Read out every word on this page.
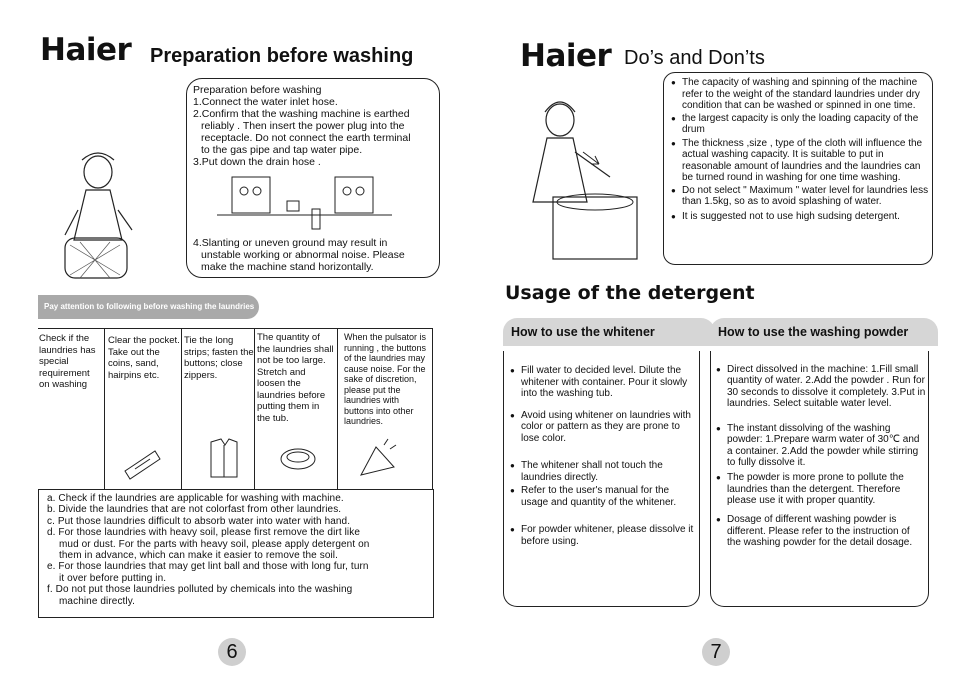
Haier Preparation before washing
Preparation before washing
1.Connect the water inlet hose.
2.Confirm that the washing machine is earthed
reliably . Then insert the power plug into the
receptacle. Do not connect the earth terminal
to the gas pipe and tap water pipe.
3.Put down the drain hose .
4.Slanting or uneven ground may result in
unstable working or abnormal noise. Please
make the machine stand horizontally.
Pay attention to following before washing the laundries
Check if the laundries has special requirement on washing
Clear the pocket. Take out the coins, sand, hairpins etc.
Tie the long strips; fasten the buttons; close zippers.
The quantity of the laundries shall not be too large. Stretch and loosen the laundries before putting them in the tub.
When the pulsator is running , the buttons of the laundries may cause noise. For the sake of discretion, please put the laundries with buttons into other laundries.
a. Check if the laundries are applicable for washing with machine.
b. Divide the laundries that are not colorfast from other laundries.
c. Put those laundries difficult to absorb water into water with hand.
d. For those laundries with heavy soil, please first remove the dirt like
mud or dust. For the parts with heavy soil, please apply detergent on
them in advance, which can make it easier to remove the soil.
e. For those laundries that may get lint ball and those with long fur, turn
it over before putting in.
f. Do not put those laundries polluted by chemicals into the washing
machine directly.
6
Haier Do’s and Don’ts
● The capacity of washing and spinning of the machine refer to the weight of the standard laundries under dry condition that can be washed or spinned in one time.
● the largest capacity is only the loading capacity of the drum
● The thickness ,size , type of the cloth will influence the actual washing capacity. It is suitable to put in reasonable amount of laundries and the laundries can be turned round in washing for one time washing.
● Do not select " Maximum " water level for laundries less than 1.5kg, so as to avoid splashing of water.
● It is suggested not to use high sudsing detergent.
Usage of the detergent
How to use the whitener
● Fill water to decided level. Dilute the whitener with container. Pour it slowly into the washing tub.
● Avoid using whitener on laundries with color or pattern as they are prone to lose color.
● The whitener shall not touch the laundries directly.
● Refer to the user's manual for the usage and quantity of the whitener.
● For powder whitener, please dissolve it before using.
How to use the washing powder
● Direct dissolved in the machine: 1.Fill small quantity of water. 2.Add the powder . Run for 30 seconds to dissolve it completely. 3.Put in laundries. Select suitable water level.
● The instant dissolving of the washing powder: 1.Prepare warm water of 30℃ and a container. 2.Add the powder while stirring to fully dissolve it.
● The powder is more prone to pollute the laundries than the detergent. Therefore please use it with proper quantity.
● Dosage of different washing powder is different. Please refer to the instruction of the washing powder for the detail dosage.
7
